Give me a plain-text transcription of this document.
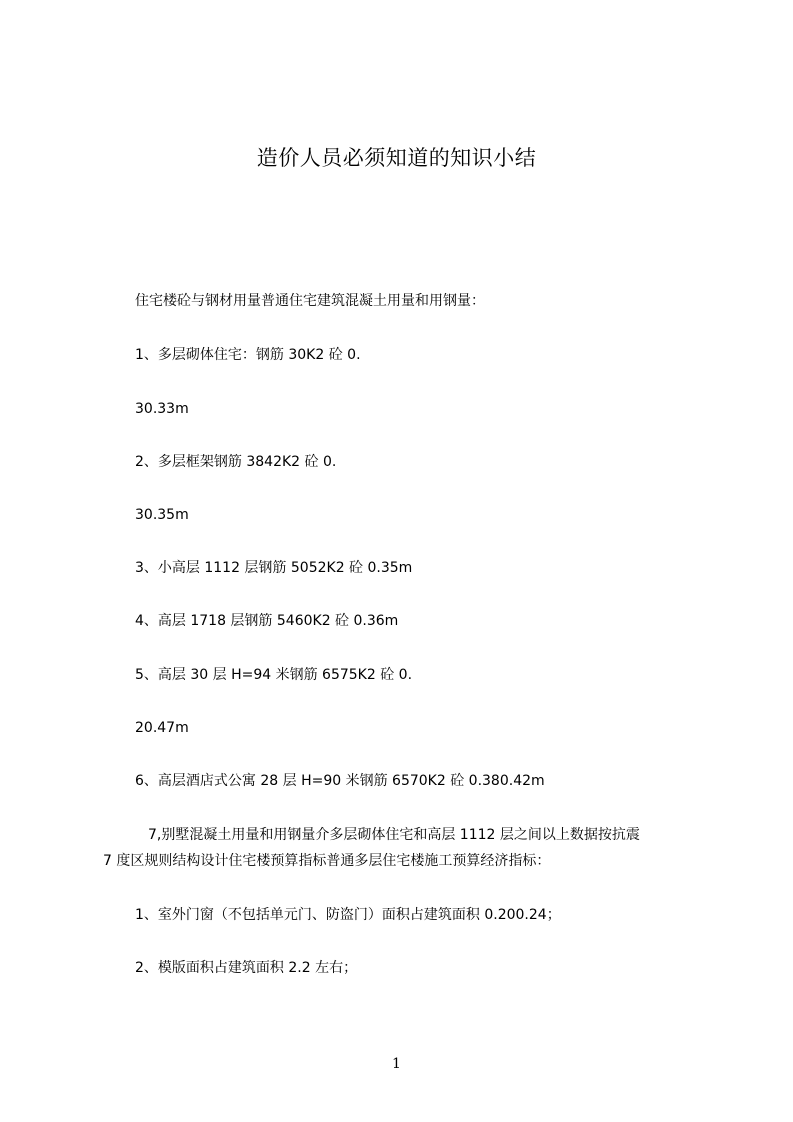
造价人员必须知道的知识小结
住宅楼砼与钢材用量普通住宅建筑混凝土用量和用钢量：
1、多层砌体住宅：钢筋 30K2 砼 0.
30.33m
2、多层框架钢筋 3842K2 砼 0.
30.35m
3、小高层 1112 层钢筋 5052K2 砼 0.35m
4、高层 1718 层钢筋 5460K2 砼 0.36m
5、高层 30 层 H=94 米钢筋 6575K2 砼 0.
20.47m
6、高层酒店式公寓 28 层 H=90 米钢筋 6570K2 砼 0.380.42m
7,别墅混凝土用量和用钢量介多层砌体住宅和高层 1112 层之间以上数据按抗震
7 度区规则结构设计住宅楼预算指标普通多层住宅楼施工预算经济指标：
1、室外门窗（不包括单元门、防盗门）面积占建筑面积 0.200.24；
2、模版面积占建筑面积 2.2 左右；
1
